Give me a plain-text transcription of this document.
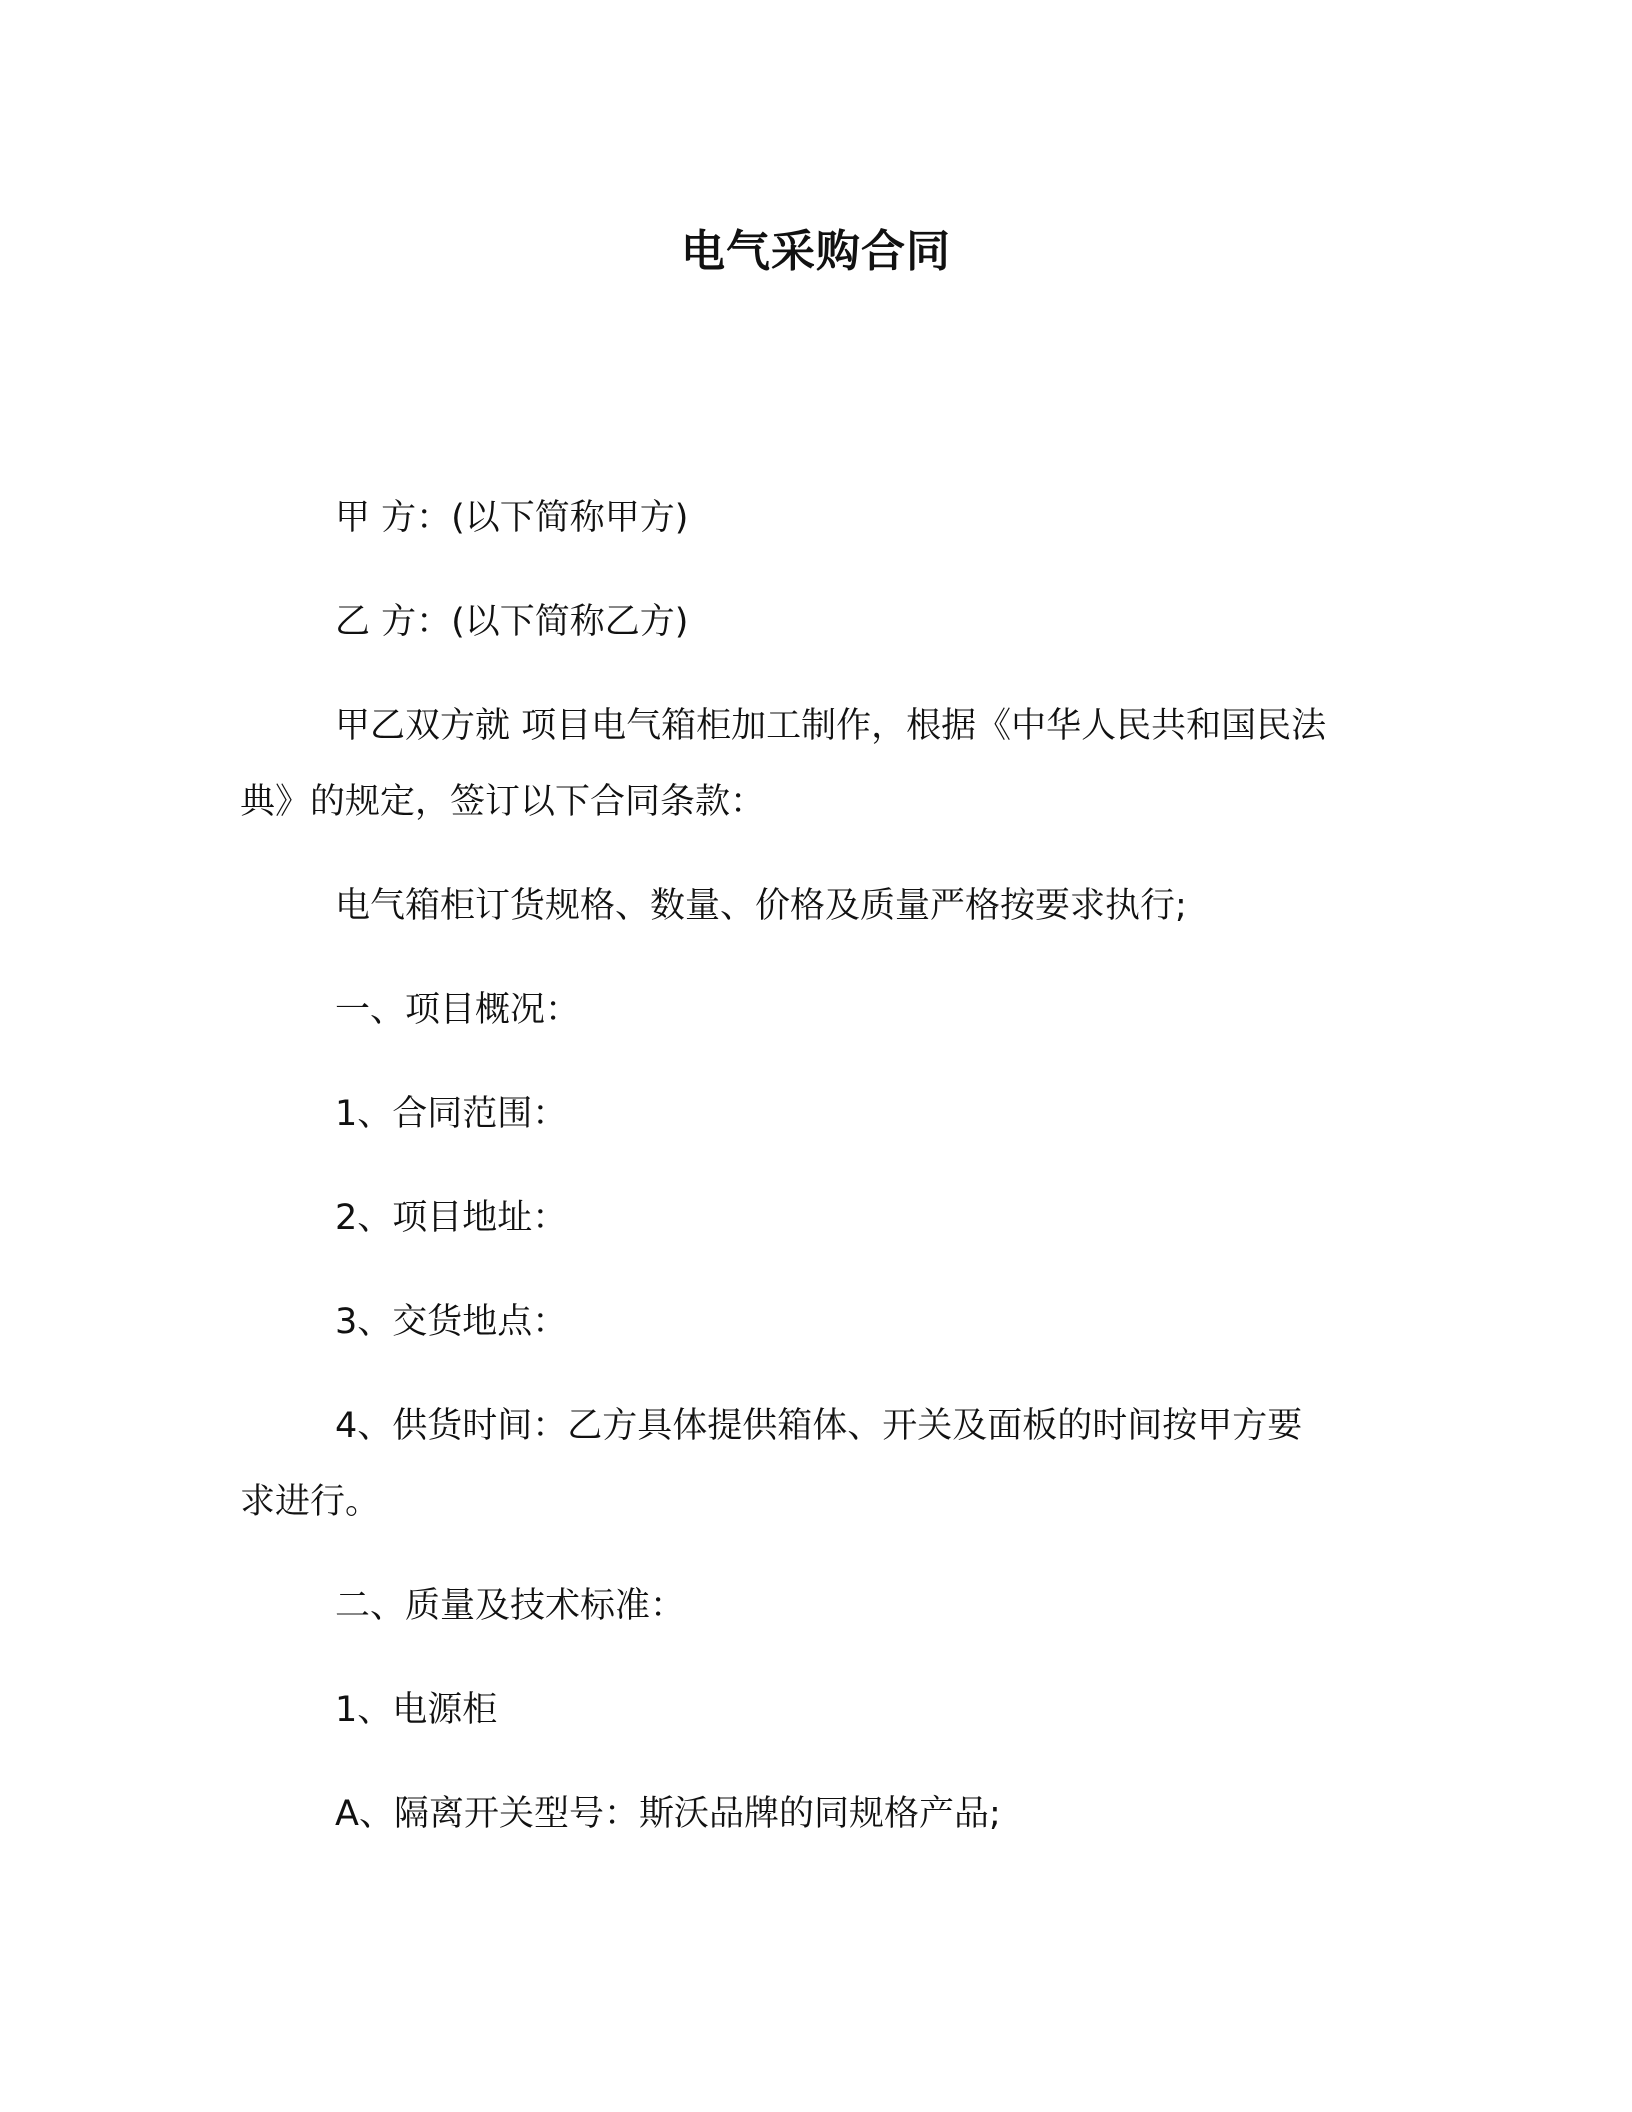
电气采购合同
甲 方：(以下简称甲方)
乙 方：(以下简称乙方)
甲乙双方就 项目电气箱柜加工制作，根据《中华人民共和国民法
典》的规定，签订以下合同条款：
电气箱柜订货规格、数量、价格及质量严格按要求执行;
一、项目概况：
1、合同范围：
2、项目地址：
3、交货地点：
4、供货时间：乙方具体提供箱体、开关及面板的时间按甲方要
求进行。
二、质量及技术标准：
1、电源柜
A、隔离开关型号：斯沃品牌的同规格产品;
